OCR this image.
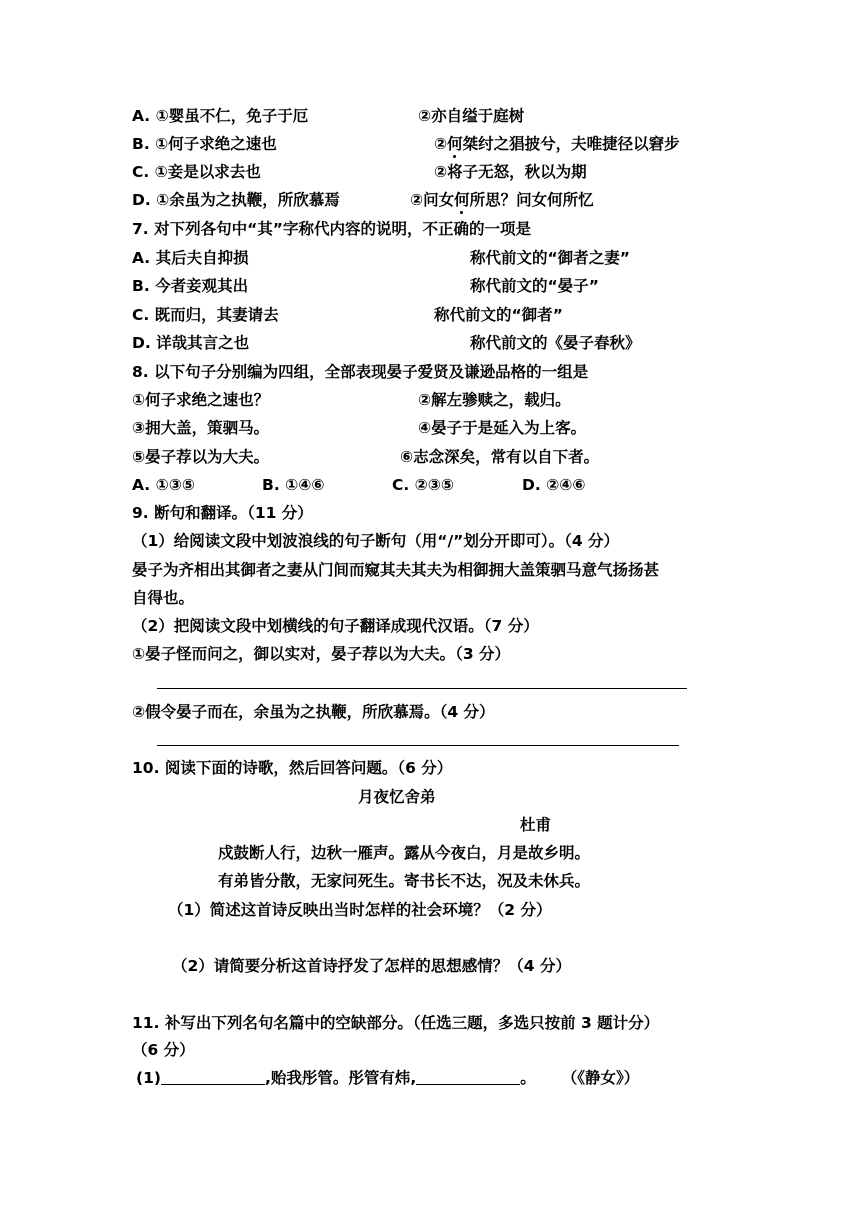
A. ①婴虽不仁，免子于厄	②亦自缢于庭树
B. ①何子求绝之速也	②何桀纣之猖披兮，夫唯捷径以窘步
C. ①妾是以求去也	②将子无怒，秋以为期
D. ①余虽为之执鞭，所欣慕焉	②问女何所思？问女何所忆
7. 对下列各句中“其”字称代内容的说明，不正确的一项是
A. 其后夫自抑损	称代前文的“御者之妻”
B. 今者妾观其出	称代前文的“晏子”
C. 既而归，其妻请去	称代前文的“御者”
D. 详哉其言之也	称代前文的《晏子春秋》
8. 以下句子分别编为四组，全部表现晏子爱贤及谦逊品格的一组是
①何子求绝之速也？	②解左骖赎之，载归。
③拥大盖，策驷马。	④晏子于是延入为上客。
⑤晏子荐以为大夫。	⑥志念深矣，常有以自下者。
A. ①③⑤	B. ①④⑥	C. ②③⑤	D. ②④⑥
9. 断句和翻译。（11 分）
（1）给阅读文段中划波浪线的句子断句（用“/”划分开即可）。（4 分）
晏子为齐相出其御者之妻从门间而窥其夫其夫为相御拥大盖策驷马意气扬扬甚
自得也。
（2）把阅读文段中划横线的句子翻译成现代汉语。（7 分）
①晏子怪而问之，御以实对，晏子荐以为大夫。（3 分）
②假令晏子而在，余虽为之执鞭，所欣慕焉。（4 分）
10. 阅读下面的诗歌，然后回答问题。（6 分）
月夜忆舍弟
杜甫
戍鼓断人行，边秋一雁声。露从今夜白，月是故乡明。
有弟皆分散，无家问死生。寄书长不达，况及未休兵。
（1）简述这首诗反映出当时怎样的社会环境？（2 分）
（2）请简要分析这首诗抒发了怎样的思想感情？（4 分）
11. 补写出下列名句名篇中的空缺部分。（任选三题，多选只按前 3 题计分）
（6 分）
(1)	,贻我彤管。彤管有炜,	。 （《静女》）
